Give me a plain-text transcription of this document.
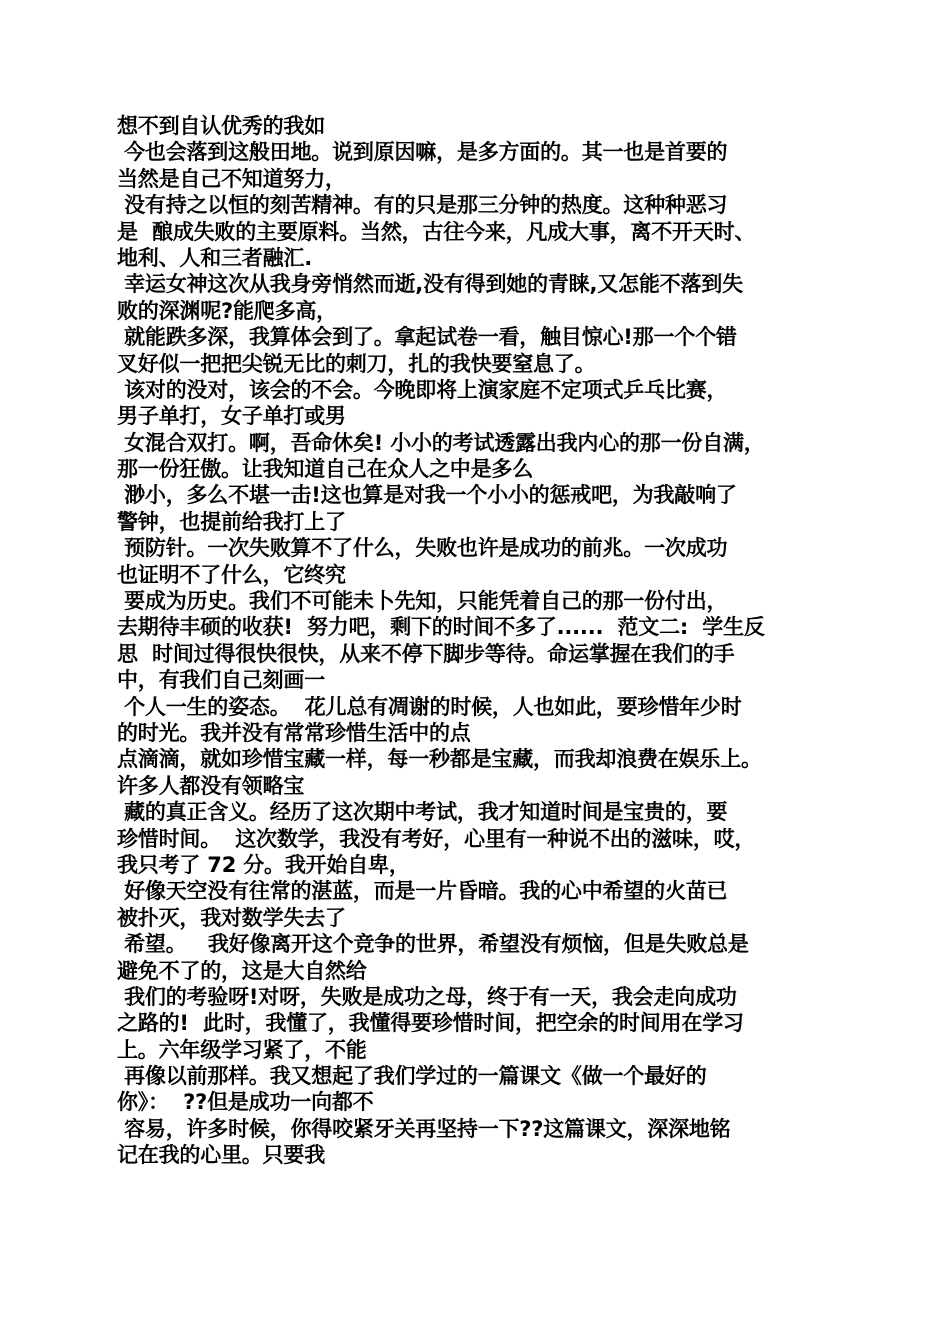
想不到自认优秀的我如
今也会落到这般田地。说到原因嘛，是多方面的。其一也是首要的
当然是自己不知道努力，
没有持之以恒的刻苦精神。有的只是那三分钟的热度。这种种恶习
是  酿成失败的主要原料。当然，古往今来，凡成大事，离不开天时、
地利、人和三者融汇.
幸运女神这次从我身旁悄然而逝,没有得到她的青睐,又怎能不落到失
败的深渊呢?能爬多高，
就能跌多深，我算体会到了。拿起试卷一看，触目惊心!那一个个错
叉好似一把把尖锐无比的刺刀，扎的我快要窒息了。
该对的没对，该会的不会。今晚即将上演家庭不定项式乒乓比赛，
男子单打，女子单打或男
女混合双打。啊，吾命休矣! 小小的考试透露出我内心的那一份自满，
那一份狂傲。让我知道自己在众人之中是多么
渺小，多么不堪一击!这也算是对我一个小小的惩戒吧，为我敲响了
警钟，也提前给我打上了
预防针。一次失败算不了什么，失败也许是成功的前兆。一次成功
也证明不了什么，它终究
要成为历史。我们不可能未卜先知，只能凭着自己的那一份付出，
去期待丰硕的收获!  努力吧，剩下的时间不多了......  范文二:  学生反
思  时间过得很快很快，从来不停下脚步等待。命运掌握在我们的手
中，有我们自己刻画一
个人一生的姿态。  花儿总有凋谢的时候，人也如此，要珍惜年少时
的时光。我并没有常常珍惜生活中的点
点滴滴，就如珍惜宝藏一样，每一秒都是宝藏，而我却浪费在娱乐上。
许多人都没有领略宝
藏的真正含义。经历了这次期中考试，我才知道时间是宝贵的，要
珍惜时间。  这次数学，我没有考好，心里有一种说不出的滋味，哎，
我只考了 72 分。我开始自卑，
好像天空没有往常的湛蓝，而是一片昏暗。我的心中希望的火苗已
被扑灭，我对数学失去了
希望。   我好像离开这个竞争的世界，希望没有烦恼，但是失败总是
避免不了的，这是大自然给
我们的考验呀!对呀，失败是成功之母，终于有一天，我会走向成功
之路的!  此时，我懂了，我懂得要珍惜时间，把空余的时间用在学习
上。六年级学习紧了，不能
再像以前那样。我又想起了我们学过的一篇课文《做一个最好的
你》：  ??但是成功一向都不
容易，许多时候，你得咬紧牙关再坚持一下??这篇课文，深深地铭
记在我的心里。只要我
